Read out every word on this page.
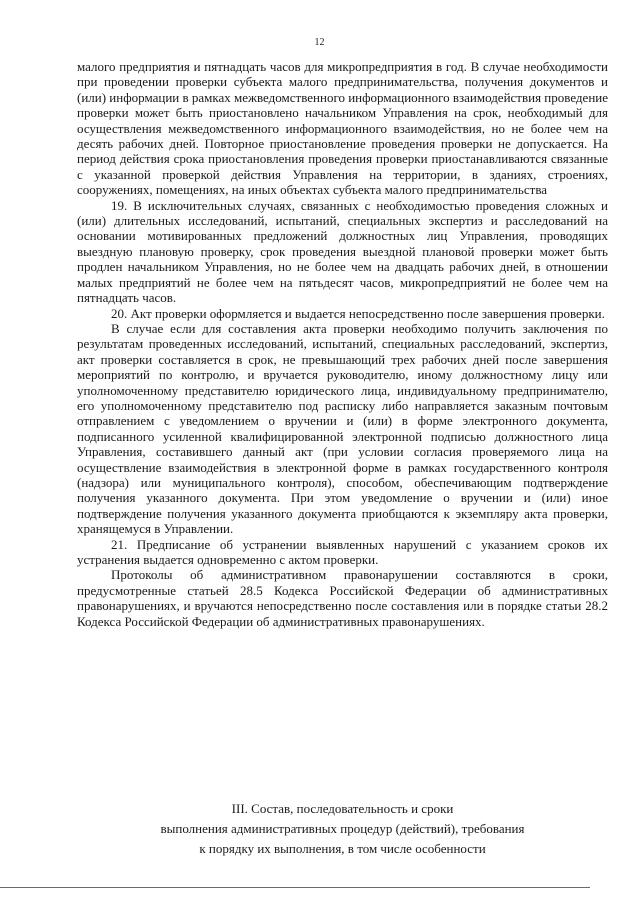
12

малого предприятия и пятнадцать часов для микропредприятия в год. В случае необходимости при проведении проверки субъекта малого предпринимательства, получения документов и (или) информации в рамках межведомственного информационного взаимодействия проведение проверки может быть приостановлено начальником Управления на срок, необходимый для осуществления межведомственного информационного взаимодействия, но не более чем на десять рабочих дней. Повторное приостановление проведения проверки не допускается. На период действия срока приостановления проведения проверки приостанавливаются связанные с указанной проверкой действия Управления на территории, в зданиях, строениях, сооружениях, помещениях, на иных объектах субъекта малого предпринимательства

19. В исключительных случаях, связанных с необходимостью проведения сложных и (или) длительных исследований, испытаний, специальных экспертиз и расследований на основании мотивированных предложений должностных лиц Управления, проводящих выездную плановую проверку, срок проведения выездной плановой проверки может быть продлен начальником Управления, но не более чем на двадцать рабочих дней, в отношении малых предприятий не более чем на пятьдесят часов, микропредприятий не более чем на пятнадцать часов.

20. Акт проверки оформляется и выдается непосредственно после завершения проверки.

В случае если для составления акта проверки необходимо получить заключения по результатам проведенных исследований, испытаний, специальных расследований, экспертиз, акт проверки составляется в срок, не превышающий трех рабочих дней после завершения мероприятий по контролю, и вручается руководителю, иному должностному лицу или уполномоченному представителю юридического лица, индивидуальному предпринимателю, его уполномоченному представителю под расписку либо направляется заказным почтовым отправлением с уведомлением о вручении и (или) в форме электронного документа, подписанного усиленной квалифицированной электронной подписью должностного лица Управления, составившего данный акт (при условии согласия проверяемого лица на осуществление взаимодействия в электронной форме в рамках государственного контроля (надзора) или муниципального контроля), способом, обеспечивающим подтверждение получения указанного документа. При этом уведомление о вручении и (или) иное подтверждение получения указанного документа приобщаются к экземпляру акта проверки, хранящемуся в Управлении.

21. Предписание об устранении выявленных нарушений с указанием сроков их устранения выдается одновременно с актом проверки.

Протоколы об административном правонарушении составляются в сроки, предусмотренные статьей 28.5 Кодекса Российской Федерации об административных правонарушениях, и вручаются непосредственно после составления или в порядке статьи 28.2 Кодекса Российской Федерации об административных правонарушениях.

III. Состав, последовательность и сроки
выполнения административных процедур (действий), требования
к порядку их выполнения, в том числе особенности
